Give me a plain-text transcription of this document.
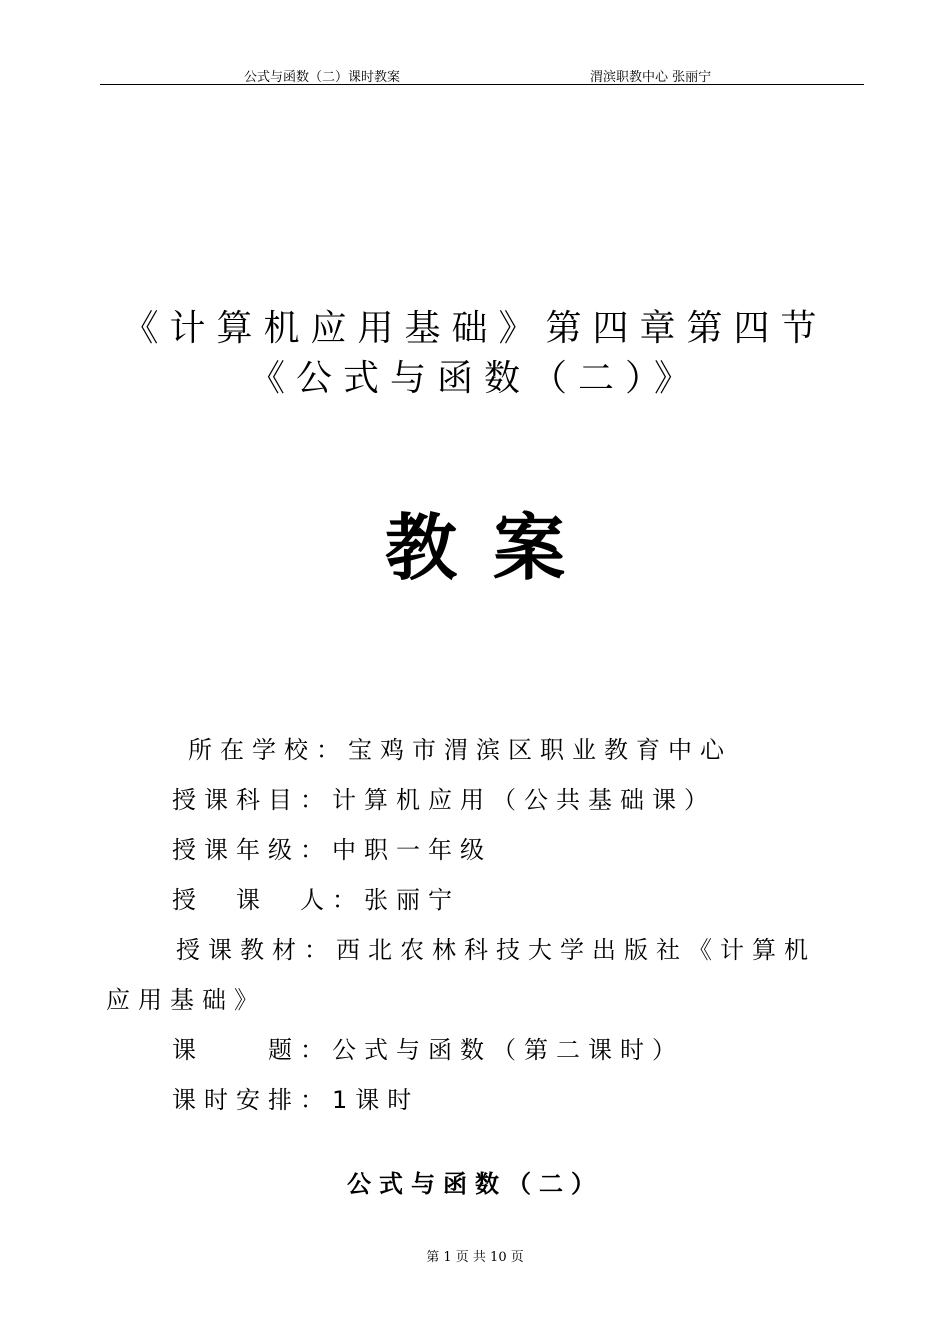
公式与函数（二）课时教案	渭滨职教中心 张丽宁
《计算机应用基础》第四章第四节
《公式与函数（二）》
教案
所在学校：宝鸡市渭滨区职业教育中心
授课科目：计算机应用（公共基础课）
授课年级：中职一年级
授　课　人：张丽宁
授课教材：西北农林科技大学出版社《计算机
应用基础》
课　　题：公式与函数（第二课时）
课时安排：1课时
公式与函数（二）
第 1 页 共 10 页
